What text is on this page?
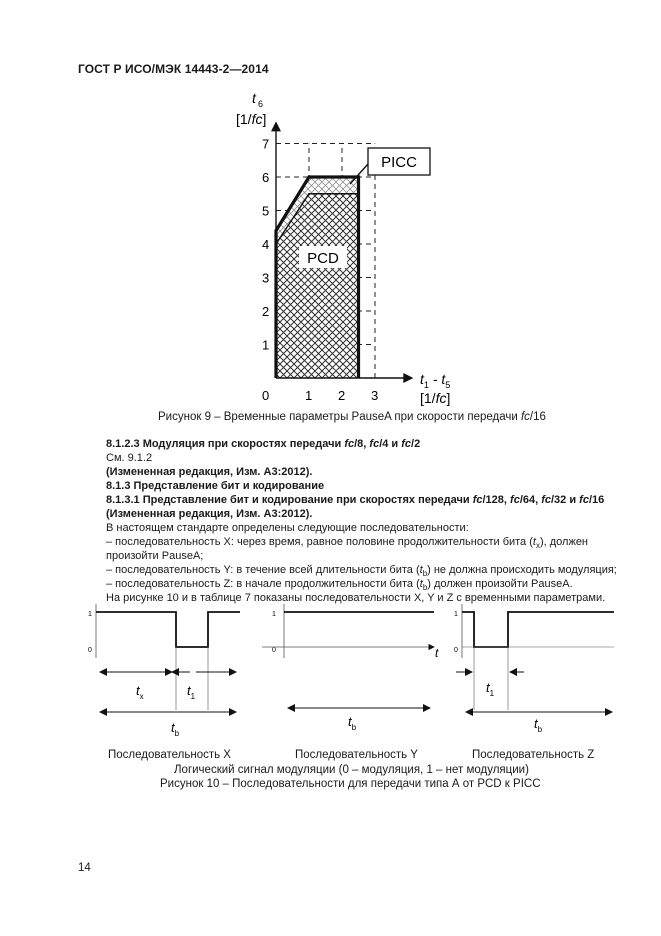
ГОСТ Р ИСО/МЭК 14443-2—2014
1
2
3
4
5
6
7
0	1 2 3
t 6
[1/fc]
$t_1 - t_5$
[1/fc]
PICC
PCD
Рисунок 9 – Временные параметры PauseA при скорости передачи fc/16
8.1.2.3 Модуляция при скоростях передачи fc/8, fc/4 и fc/2
См. 9.1.2
(Измененная редакция, Изм. А3:2012).
8.1.3 Представление бит и кодирование
8.1.3.1 Представление бит и кодирование при скоростях передачи fc/128, fc/64, fc/32 и fc/16
(Измененная редакция, Изм. А3:2012).
В настоящем стандарте определены следующие последовательности:
– последовательность X: через время, равное половине продолжительности бита $(t_x)$, должен
произойти PauseA;
– последовательность Y: в течение всей длительности бита $(t_b)$ не должна происходить модуляция;
– последовательность Z: в начале продолжительности бита $(t_b)$ должен произойти PauseA.
На рисунке 10 и в таблице 7 показаны последовательности X, Y и Z с временными параметрами.
1
0
$t_x$	$t_1$
$t_b$
1
0	t
$t_b$
1
0
$t_1$
$t_b$
Последовательность X	Последовательность Y	Последовательность Z
Логический сигнал модуляции (0 – модуляция, 1 – нет модуляции)
Рисунок 10 – Последовательности для передачи типа А от PCD к PICC
14
